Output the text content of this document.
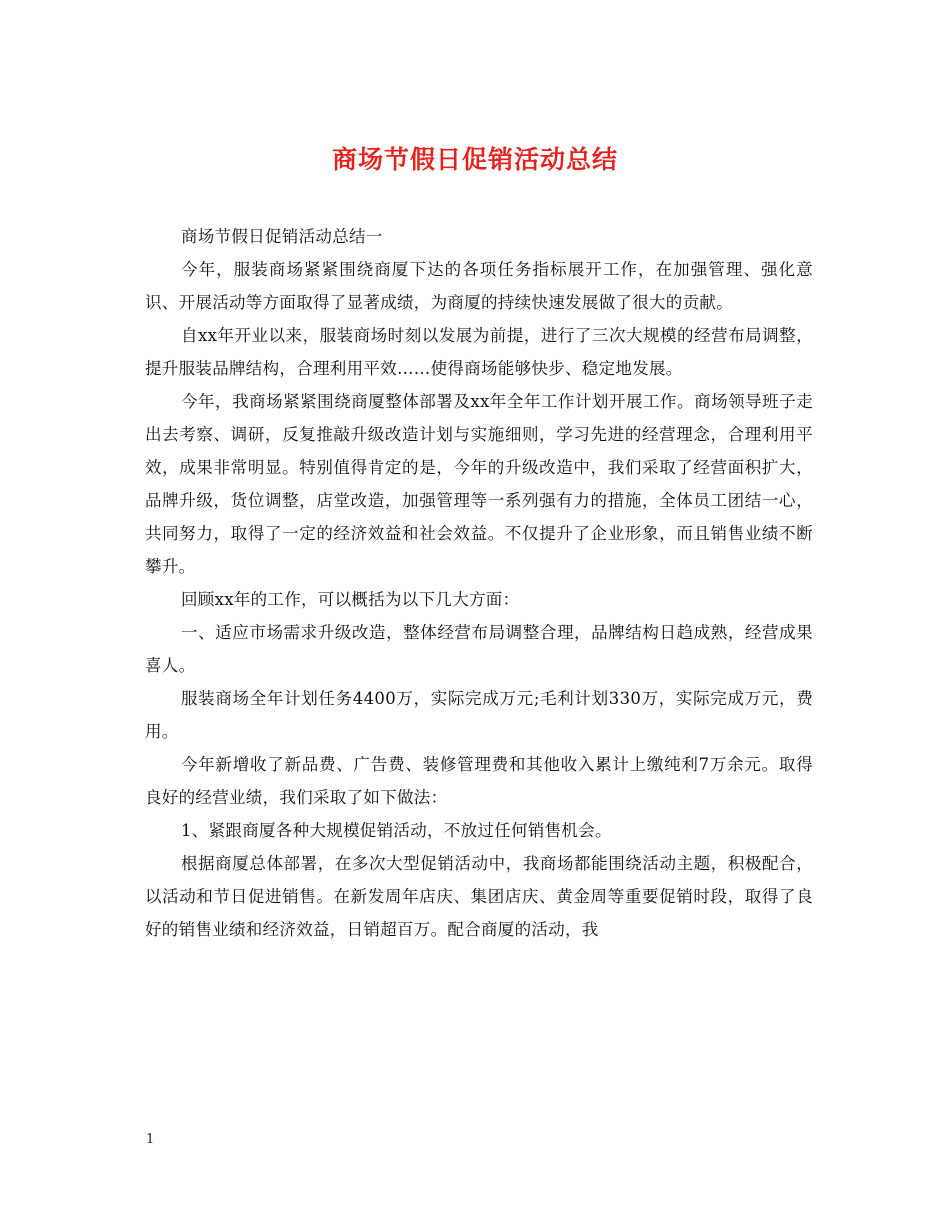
商场节假日促销活动总结

商场节假日促销活动总结一

今年，服装商场紧紧围绕商厦下达的各项任务指标展开工作，在加强管理、强化意识、开展活动等方面取得了显著成绩，为商厦的持续快速发展做了很大的贡献。

自xx年开业以来，服装商场时刻以发展为前提，进行了三次大规模的经营布局调整，提升服装品牌结构，合理利用平效……使得商场能够快步、稳定地发展。

今年，我商场紧紧围绕商厦整体部署及xx年全年工作计划开展工作。商场领导班子走出去考察、调研，反复推敲升级改造计划与实施细则，学习先进的经营理念，合理利用平效，成果非常明显。特别值得肯定的是，今年的升级改造中，我们采取了经营面积扩大，品牌升级，货位调整，店堂改造，加强管理等一系列强有力的措施，全体员工团结一心，共同努力，取得了一定的经济效益和社会效益。不仅提升了企业形象，而且销售业绩不断攀升。

回顾xx年的工作，可以概括为以下几大方面：

一、适应市场需求升级改造，整体经营布局调整合理，品牌结构日趋成熟，经营成果喜人。

服装商场全年计划任务4400万，实际完成万元;毛利计划330万，实际完成万元，费用。

今年新增收了新品费、广告费、装修管理费和其他收入累计上缴纯利7万余元。取得良好的经营业绩，我们采取了如下做法：

1、紧跟商厦各种大规模促销活动，不放过任何销售机会。

根据商厦总体部署，在多次大型促销活动中，我商场都能围绕活动主题，积极配合，以活动和节日促进销售。在新发周年店庆、集团店庆、黄金周等重要促销时段，取得了良好的销售业绩和经济效益，日销超百万。配合商厦的活动，我

1
